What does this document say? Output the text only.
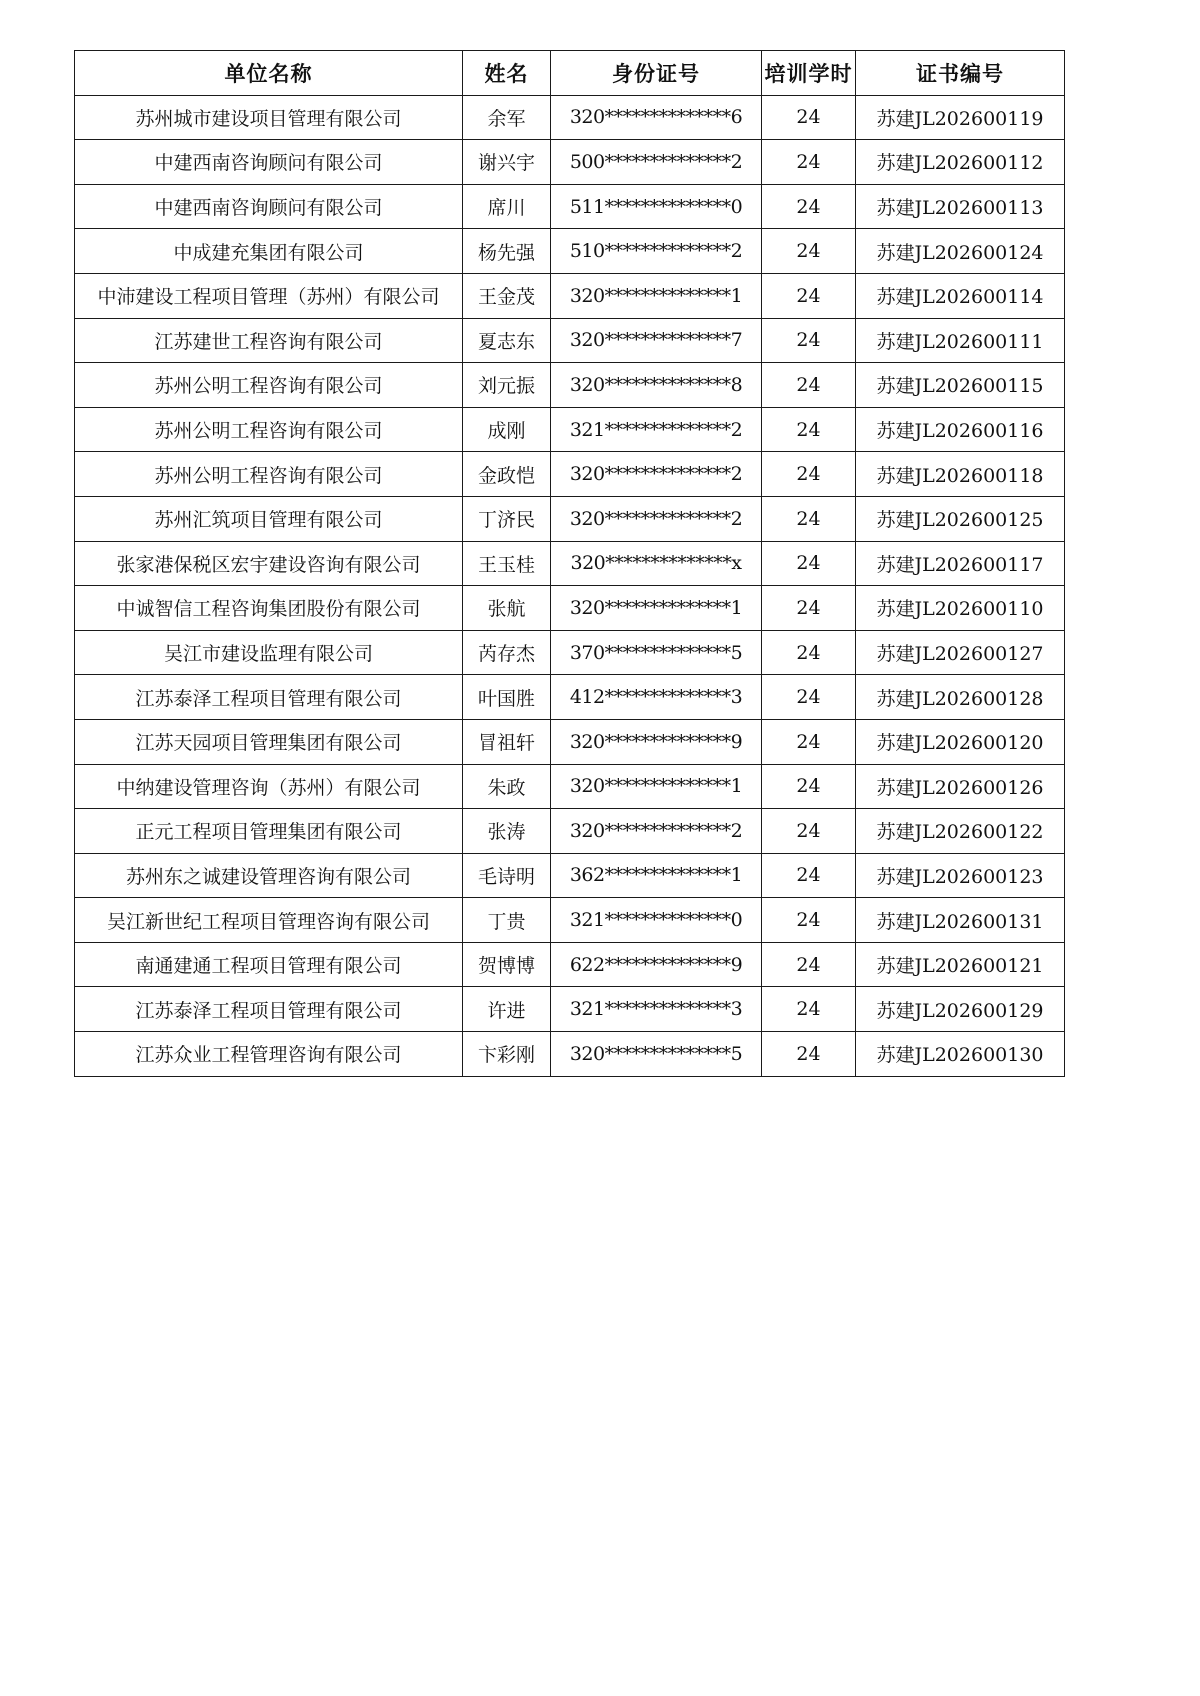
单位名称	姓名	身份证号	培训学时	证书编号
苏州城市建设项目管理有限公司	余军	320**************6	24	苏建JL202600119
中建西南咨询顾问有限公司	谢兴宇	500**************2	24	苏建JL202600112
中建西南咨询顾问有限公司	席川	511**************0	24	苏建JL202600113
中成建充集团有限公司	杨先强	510**************2	24	苏建JL202600124
中沛建设工程项目管理（苏州）有限公司	王金茂	320**************1	24	苏建JL202600114
江苏建世工程咨询有限公司	夏志东	320**************7	24	苏建JL202600111
苏州公明工程咨询有限公司	刘元振	320**************8	24	苏建JL202600115
苏州公明工程咨询有限公司	成刚	321**************2	24	苏建JL202600116
苏州公明工程咨询有限公司	金政恺	320**************2	24	苏建JL202600118
苏州汇筑项目管理有限公司	丁济民	320**************2	24	苏建JL202600125
张家港保税区宏宇建设咨询有限公司	王玉桂	320**************x	24	苏建JL202600117
中诚智信工程咨询集团股份有限公司	张航	320**************1	24	苏建JL202600110
吴江市建设监理有限公司	芮存杰	370**************5	24	苏建JL202600127
江苏泰泽工程项目管理有限公司	叶国胜	412**************3	24	苏建JL202600128
江苏天园项目管理集团有限公司	冒祖轩	320**************9	24	苏建JL202600120
中纳建设管理咨询（苏州）有限公司	朱政	320**************1	24	苏建JL202600126
正元工程项目管理集团有限公司	张涛	320**************2	24	苏建JL202600122
苏州东之诚建设管理咨询有限公司	毛诗明	362**************1	24	苏建JL202600123
吴江新世纪工程项目管理咨询有限公司	丁贵	321**************0	24	苏建JL202600131
南通建通工程项目管理有限公司	贺博博	622**************9	24	苏建JL202600121
江苏泰泽工程项目管理有限公司	许进	321**************3	24	苏建JL202600129
江苏众业工程管理咨询有限公司	卞彩刚	320**************5	24	苏建JL202600130
